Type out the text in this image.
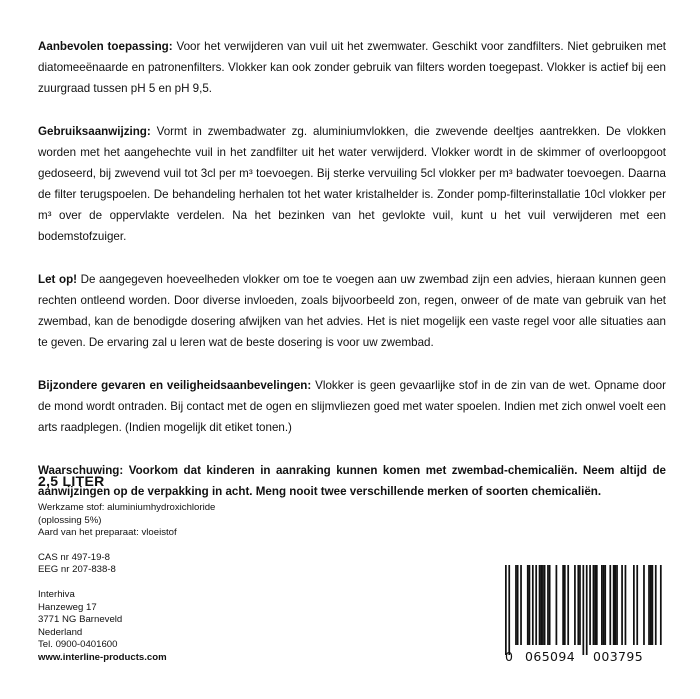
Aanbevolen toepassing: Voor het verwijderen van vuil uit het zwemwater. Geschikt voor zandfilters. Niet gebruiken met diatomeeënaarde en patronenfilters. Vlokker kan ook zonder gebruik van filters worden toegepast. Vlokker is actief bij een zuurgraad tussen pH 5 en pH 9,5.

Gebruiksaanwijzing: Vormt in zwembadwater zg. aluminiumvlokken, die zwevende deeltjes aantrekken. De vlokken worden met het aangehechte vuil in het zandfilter uit het water verwijderd. Vlokker wordt in de skimmer of overloopgoot gedoseerd, bij zwevend vuil tot 3cl per m³ toevoegen. Bij sterke vervuiling 5cl vlokker per m³ badwater toevoegen. Daarna de filter terugspoelen. De behandeling herhalen tot het water kristalhelder is. Zonder pomp-filterinstallatie 10cl vlokker per m³ over de oppervlakte verdelen. Na het bezinken van het gevlokte vuil, kunt u het vuil verwijderen met een bodemstofzuiger.

Let op! De aangegeven hoeveelheden vlokker om toe te voegen aan uw zwembad zijn een advies, hieraan kunnen geen rechten ontleend worden. Door diverse invloeden, zoals bijvoorbeeld zon, regen, onweer of de mate van gebruik van het zwembad, kan de benodigde dosering afwijken van het advies. Het is niet mogelijk een vaste regel voor alle situaties aan te geven. De ervaring zal u leren wat de beste dosering is voor uw zwembad.

Bijzondere gevaren en veiligheidsaanbevelingen: Vlokker is geen gevaarlijke stof in de zin van de wet. Opname door de mond wordt ontraden. Bij contact met de ogen en slijmvliezen goed met water spoelen. Indien met zich onwel voelt een arts raadplegen. (Indien mogelijk dit etiket tonen.)

Waarschuwing: Voorkom dat kinderen in aanraking kunnen komen met zwembad-chemicaliën. Neem altijd de aanwijzingen op de verpakking in acht. Meng nooit twee verschillende merken of soorten chemicaliën.

2,5 LITER
Werkzame stof: aluminiumhydroxichloride
(oplossing 5%)
Aard van het preparaat: vloeistof
CAS nr 497-19-8
EEG nr 207-838-8
Interhiva
Hanzeweg 17
3771 NG Barneveld
Nederland
Tel. 0900-0401600
www.interline-products.com	0 065094 003795
